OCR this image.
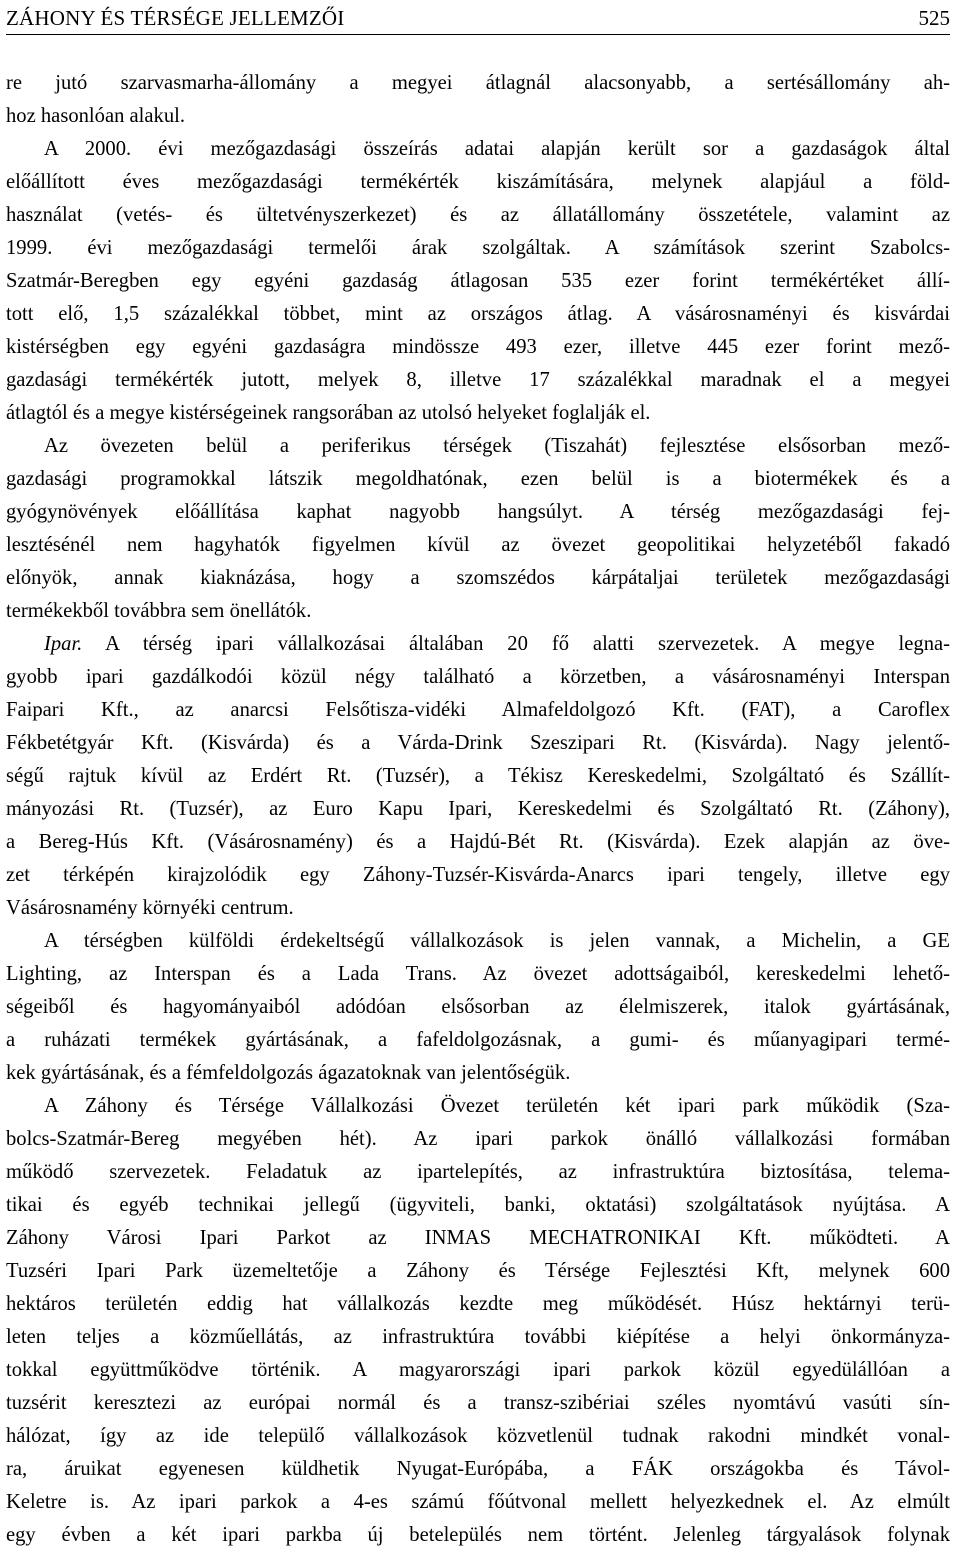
ZÁHONY ÉS TÉRSÉGE JELLEMZŐI	525
re jutó szarvasmarha-állomány a megyei átlagnál alacsonyabb, a sertésállomány ah-
hoz hasonlóan alakul.
A 2000. évi mezőgazdasági összeírás adatai alapján került sor a gazdaságok által
előállított éves mezőgazdasági termékérték kiszámítására, melynek alapjául a föld-
használat (vetés- és ültetvényszerkezet) és az állatállomány összetétele, valamint az
1999. évi mezőgazdasági termelői árak szolgáltak. A számítások szerint Szabolcs-
Szatmár-Beregben egy egyéni gazdaság átlagosan 535 ezer forint termékértéket állí-
tott elő, 1,5 százalékkal többet, mint az országos átlag. A vásárosnaményi és kisvárdai
kistérségben egy egyéni gazdaságra mindössze 493 ezer, illetve 445 ezer forint mező-
gazdasági termékérték jutott, melyek 8, illetve 17 százalékkal maradnak el a megyei
átlagtól és a megye kistérségeinek rangsorában az utolsó helyeket foglalják el.
Az övezeten belül a periferikus térségek (Tiszahát) fejlesztése elsősorban mező-
gazdasági programokkal látszik megoldhatónak, ezen belül is a biotermékek és a
gyógynövények előállítása kaphat nagyobb hangsúlyt. A térség mezőgazdasági fej-
lesztésénél nem hagyhatók figyelmen kívül az övezet geopolitikai helyzetéből fakadó
előnyök, annak kiaknázása, hogy a szomszédos kárpátaljai területek mezőgazdasági
termékekből továbbra sem önellátók.
Ipar. A térség ipari vállalkozásai általában 20 fő alatti szervezetek. A megye legna-
gyobb ipari gazdálkodói közül négy található a körzetben, a vásárosnaményi Interspan
Faipari Kft., az anarcsi Felsőtisza-vidéki Almafeldolgozó Kft. (FAT), a Caroflex
Fékbetétgyár Kft. (Kisvárda) és a Várda-Drink Szeszipari Rt. (Kisvárda). Nagy jelentő-
ségű rajtuk kívül az Erdért Rt. (Tuzsér), a Tékisz Kereskedelmi, Szolgáltató és Szállít-
mányozási Rt. (Tuzsér), az Euro Kapu Ipari, Kereskedelmi és Szolgáltató Rt. (Záhony),
a Bereg-Hús Kft. (Vásárosnamény) és a Hajdú-Bét Rt. (Kisvárda). Ezek alapján az öve-
zet térképén kirajzolódik egy Záhony-Tuzsér-Kisvárda-Anarcs ipari tengely, illetve egy
Vásárosnamény környéki centrum.
A térségben külföldi érdekeltségű vállalkozások is jelen vannak, a Michelin, a GE
Lighting, az Interspan és a Lada Trans. Az övezet adottságaiból, kereskedelmi lehető-
ségeiből és hagyományaiból adódóan elsősorban az élelmiszerek, italok gyártásának,
a ruházati termékek gyártásának, a fafeldolgozásnak, a gumi- és műanyagipari termé-
kek gyártásának, és a fémfeldolgozás ágazatoknak van jelentőségük.
A Záhony és Térsége Vállalkozási Övezet területén két ipari park működik (Sza-
bolcs-Szatmár-Bereg megyében hét). Az ipari parkok önálló vállalkozási formában
működő szervezetek. Feladatuk az ipartelepítés, az infrastruktúra biztosítása, telema-
tikai és egyéb technikai jellegű (ügyviteli, banki, oktatási) szolgáltatások nyújtása. A
Záhony Városi Ipari Parkot az INMAS MECHATRONIKAI Kft. működteti. A
Tuzséri Ipari Park üzemeltetője a Záhony és Térsége Fejlesztési Kft, melynek 600
hektáros területén eddig hat vállalkozás kezdte meg működését. Húsz hektárnyi terü-
leten teljes a közműellátás, az infrastruktúra további kiépítése a helyi önkormányza-
tokkal együttműködve történik. A magyarországi ipari parkok közül egyedülállóan a
tuzsérit keresztezi az európai normál és a transz-szibériai széles nyomtávú vasúti sín-
hálózat, így az ide települő vállalkozások közvetlenül tudnak rakodni mindkét vonal-
ra, áruikat egyenesen küldhetik Nyugat-Európába, a FÁK országokba és Távol-
Keletre is. Az ipari parkok a 4-es számú főútvonal mellett helyezkednek el. Az elmúlt
egy évben a két ipari parkba új betelepülés nem történt. Jelenleg tárgyalások folynak
